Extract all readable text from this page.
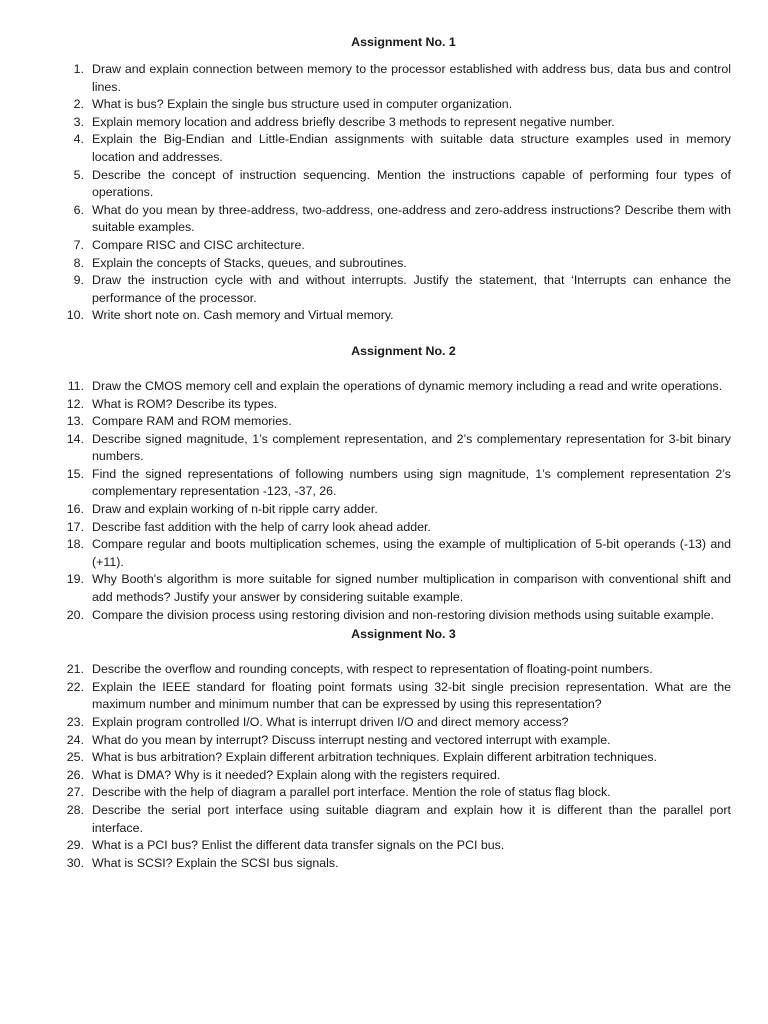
Assignment No. 1
1. Draw and explain connection between memory to the processor established with address bus, data bus and control lines.
2. What is bus? Explain the single bus structure used in computer organization.
3. Explain memory location and address briefly describe 3 methods to represent negative number.
4. Explain the Big-Endian and Little-Endian assignments with suitable data structure examples used in memory location and addresses.
5. Describe the concept of instruction sequencing. Mention the instructions capable of performing four types of operations.
6. What do you mean by three-address, two-address, one-address and zero-address instructions? Describe them with suitable examples.
7. Compare RISC and CISC architecture.
8. Explain the concepts of Stacks, queues, and subroutines.
9. Draw the instruction cycle with and without interrupts. Justify the statement, that ‘Interrupts can enhance the performance of the processor.
10. Write short note on. Cash memory and Virtual memory.
Assignment No. 2
11. Draw the CMOS memory cell and explain the operations of dynamic memory including a read and write operations.
12. What is ROM? Describe its types.
13. Compare RAM and ROM memories.
14. Describe signed magnitude, 1’s complement representation, and 2’s complementary representation for 3-bit binary numbers.
15. Find the signed representations of following numbers using sign magnitude, 1’s complement representation 2’s complementary representation -123, -37, 26.
16. Draw and explain working of n-bit ripple carry adder.
17. Describe fast addition with the help of carry look ahead adder.
18. Compare regular and boots multiplication schemes, using the example of multiplication of 5-bit operands (-13) and (+11).
19. Why Booth's algorithm is more suitable for signed number multiplication in comparison with conventional shift and add methods? Justify your answer by considering suitable example.
20. Compare the division process using restoring division and non-restoring division methods using suitable example.
Assignment No. 3
21. Describe the overflow and rounding concepts, with respect to representation of floating-point numbers.
22. Explain the IEEE standard for floating point formats using 32-bit single precision representation. What are the maximum number and minimum number that can be expressed by using this representation?
23. Explain program controlled I/O. What is interrupt driven I/O and direct memory access?
24. What do you mean by interrupt? Discuss interrupt nesting and vectored interrupt with example.
25. What is bus arbitration? Explain different arbitration techniques. Explain different arbitration techniques.
26. What is DMA? Why is it needed? Explain along with the registers required.
27. Describe with the help of diagram a parallel port interface. Mention the role of status flag block.
28. Describe the serial port interface using suitable diagram and explain how it is different than the parallel port interface.
29. What is a PCI bus? Enlist the different data transfer signals on the PCI bus.
30. What is SCSI? Explain the SCSI bus signals.
